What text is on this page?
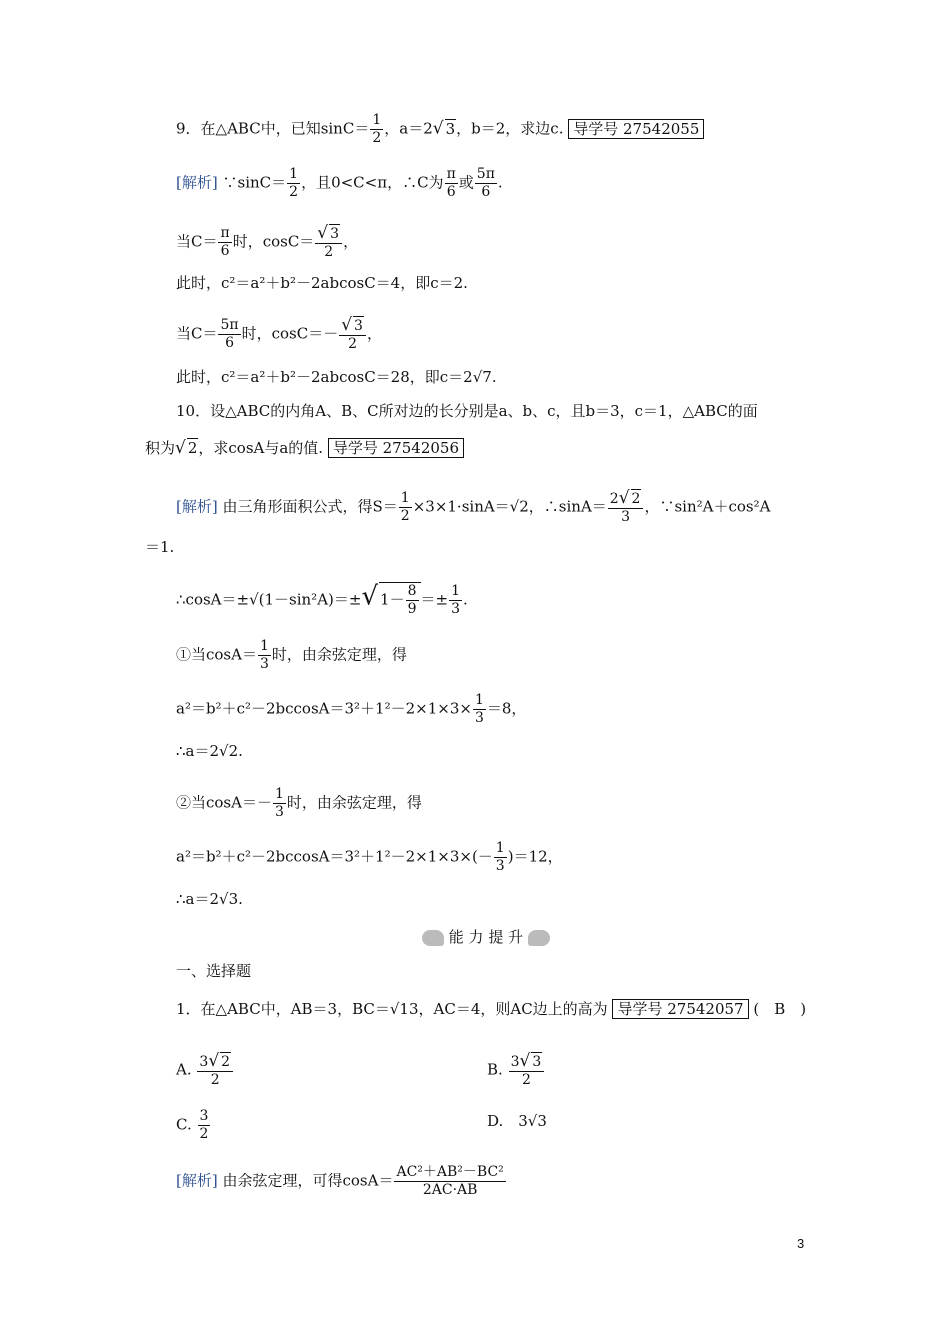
9．在△ABC中，已知$\sin C= \frac{1}{2}$ ，a＝2√ 3，b＝2，求边c. 导学号 27542055
[解析] ∵sinC＝ $\frac{1}{2}$ ，且0<C<π，∴C为 $\frac{\pi}{6}$ 或 $\frac{5\pi}{6}$ .
当$C= \frac{\pi}{6}$ 时，$\cos C= \frac{√ 3}{2}$ ，
此时，c²＝a²＋b²－2abcosC＝4，即c＝2.
当$C= \frac{5\pi}{6}$ 时，$\cos C=- \frac{√ 3}{2}$ ，
此时，c²＝a²＋b²－2abcosC＝28，即c＝2√7.
10．设△ABC的内角A、B、C所对边的长分别是a、b、c，且b＝3，c＝1，△ABC的面
积为√ 2，求cosA与a的值. 导学号 27542056
[解析] 由三角形面积公式，得$S= \frac{1}{2} \times 3\times 1\cdot\sin A=√2$，∴sinA＝ $\frac{2√ 2}{3}$ ，∵sin²A＋cos²A
＝1.
∴cosA＝±√(1－sin²A)＝±√ $1- \frac{8}{9} =\pm \frac{1}{3}$ .
①当$\cos A= \frac{1}{3}$ 时，由余弦定理，得
$a^2=b^2+c^2-2bccosA=3^2+1^2-2\times 1\times 3\times \frac{1}{3} =8$，
∴a＝2√2.
②当$\cos A=- \frac{1}{3}$ 时，由余弦定理，得
$a^2=b^2+c^2-2bccosA=3^2+1^2-2\times 1\times 3\times(- \frac{1}{3} )=12$，
∴a＝2√3.
能 力 提 升
一、选择题
1．在△ABC中，AB＝3，BC＝√13，AC＝4，则AC边上的高为 导学号 27542057 (　B　)
A. $\frac{3√ 2}{2}$	B. $\frac{3√ 3}{2}$
C. $\frac{3}{2}$	D.　3√3
[解析] 由余弦定理，可得$\cos A= \frac{\text{AC²＋AB²－BC²}}{2AC\cdot AB}$
3
